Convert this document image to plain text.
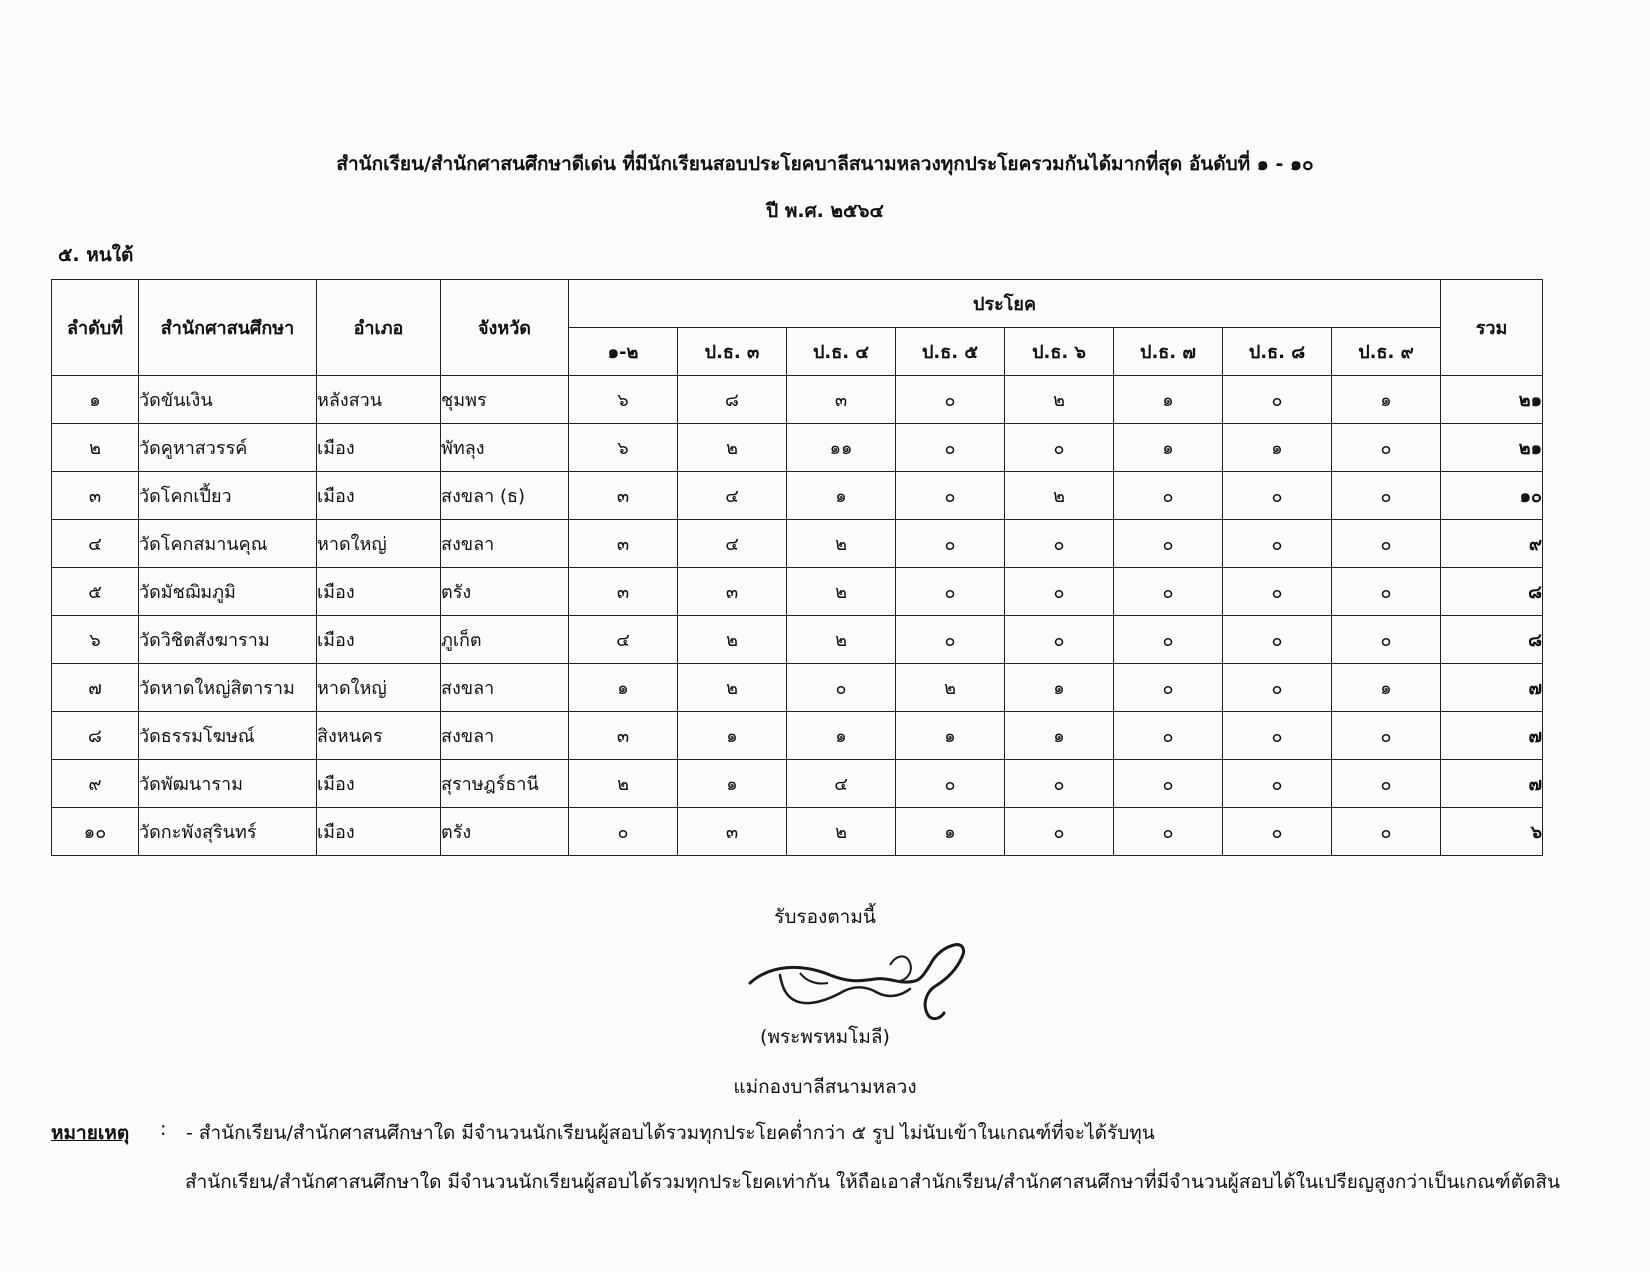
สำนักเรียน/สำนักศาสนศึกษาดีเด่น ที่มีนักเรียนสอบประโยคบาลีสนามหลวงทุกประโยครวมกันได้มากที่สุด อันดับที่ ๑ - ๑๐
ปี พ.ศ. ๒๕๖๔
๕. หนใต้
ลำดับที่	สำนักศาสนศึกษา	อำเภอ	จังหวัด	ประโยค								รวม
				๑-๒	ป.ธ. ๓	ป.ธ. ๔	ป.ธ. ๕	ป.ธ. ๖	ป.ธ. ๗	ป.ธ. ๘	ป.ธ. ๙	
๑	วัดขันเงิน	หลังสวน	ชุมพร	๖	๘	๓	๐	๒	๑	๐	๑	๒๑
๒	วัดคูหาสวรรค์	เมือง	พัทลุง	๖	๒	๑๑	๐	๐	๑	๑	๐	๒๑
๓	วัดโคกเปี้ยว	เมือง	สงขลา (ธ)	๓	๔	๑	๐	๒	๐	๐	๐	๑๐
๔	วัดโคกสมานคุณ	หาดใหญ่	สงขลา	๓	๔	๒	๐	๐	๐	๐	๐	๙
๕	วัดมัชฌิมภูมิ	เมือง	ตรัง	๓	๓	๒	๐	๐	๐	๐	๐	๘
๖	วัดวิชิตสังฆาราม	เมือง	ภูเก็ต	๔	๒	๒	๐	๐	๐	๐	๐	๘
๗	วัดหาดใหญ่สิตาราม	หาดใหญ่	สงขลา	๑	๒	๐	๒	๑	๐	๐	๑	๗
๘	วัดธรรมโฆษณ์	สิงหนคร	สงขลา	๓	๑	๑	๑	๑	๐	๐	๐	๗
๙	วัดพัฒนาราม	เมือง	สุราษฎร์ธานี	๒	๑	๔	๐	๐	๐	๐	๐	๗
๑๐	วัดกะพังสุรินทร์	เมือง	ตรัง	๐	๓	๒	๑	๐	๐	๐	๐	๖
รับรองตามนี้
(พระพรหมโมลี)
แม่กองบาลีสนามหลวง
หมายเหตุ : - สำนักเรียน/สำนักศาสนศึกษาใด มีจำนวนนักเรียนผู้สอบได้รวมทุกประโยคต่ำกว่า ๕ รูป ไม่นับเข้าในเกณฑ์ที่จะได้รับทุน
สำนักเรียน/สำนักศาสนศึกษาใด มีจำนวนนักเรียนผู้สอบได้รวมทุกประโยคเท่ากัน ให้ถือเอาสำนักเรียน/สำนักศาสนศึกษาที่มีจำนวนผู้สอบได้ในเปรียญสูงกว่าเป็นเกณฑ์ตัดสิน
